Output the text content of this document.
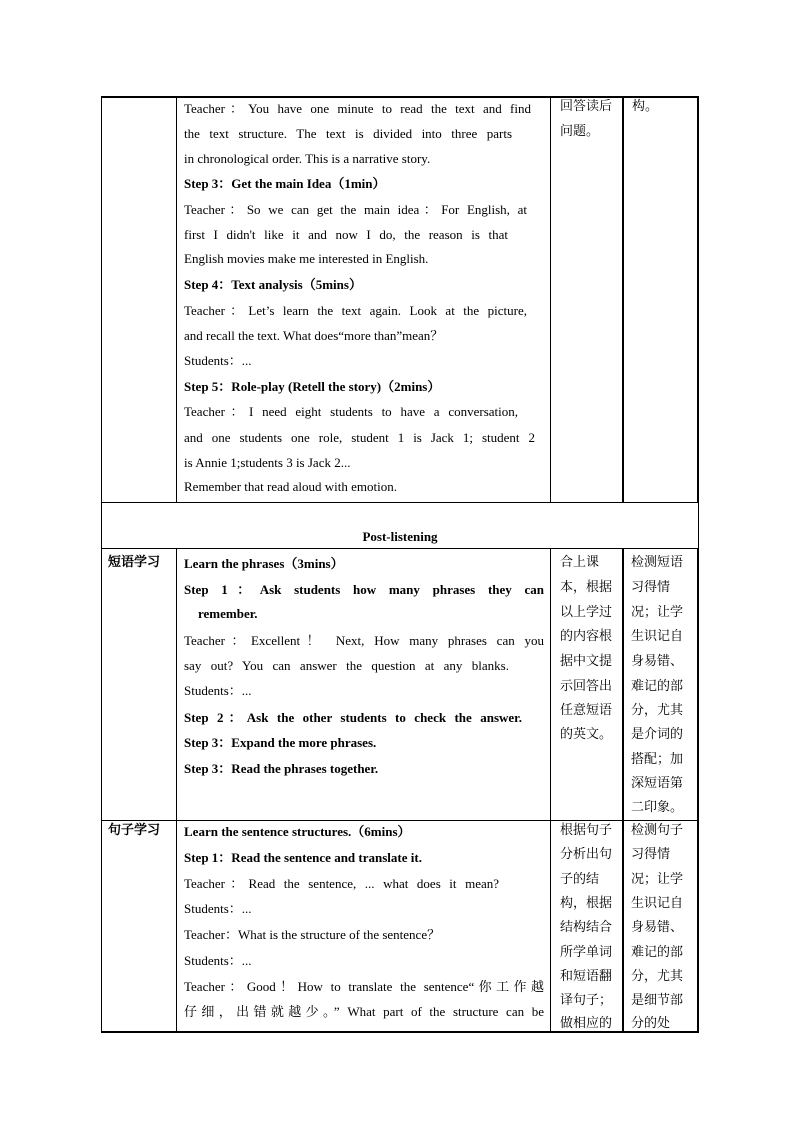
Teacher：You have one minute to read the text and find
the text structure. The text is divided into three parts
in chronological order. This is a narrative story.
Step 3：Get the main Idea（1min）
Teacher：So we can get the main idea：For English, at
first I didn't like it and now I do, the reason is that
English movies make me interested in English.
Step 4：Text analysis（5mins）
Teacher：Let’s learn the text again. Look at the picture,
and recall the text. What does“more than”mean？
Students：...
Step 5：Role-play (Retell the story)（2mins）
Teacher：I need eight students to have a conversation,
and one students one role, student 1 is Jack 1; student 2
is Annie 1;students 3 is Jack 2...
Remember that read aloud with emotion.
回答读后
问题。
构。
Post-listening
短语学习 Learn the phrases（3mins）
Step 1：Ask students how many phrases they can
remember.
Teacher：Excellent！ Next, How many phrases can you
say out? You can answer the question at any blanks.
Students：...
Step 2：Ask the other students to check the answer.
Step 3：Expand the more phrases.
Step 3：Read the phrases together.
合上课
本，根据
以上学过
的内容根
据中文提
示回答出
任意短语
的英文。
检测短语
习得情
况；让学
生识记自
身易错、
难记的部
分，尤其
是介词的
搭配；加
深短语第
二印象。
句子学习 Learn the sentence structures.（6mins）
Step 1：Read the sentence and translate it.
Teacher：Read the sentence, ... what does it mean?
Students：...
Teacher：What is the structure of the sentence？
Students：...
Teacher：Good！How to translate the sentence“你工作越
仔细，出错就越少。” What part of the structure can be
根据句子
分析出句
子的结
构，根据
结构结合
所学单词
和短语翻
译句子；
做相应的
检测句子
习得情
况；让学
生识记自
身易错、
难记的部
分，尤其
是细节部
分的处
